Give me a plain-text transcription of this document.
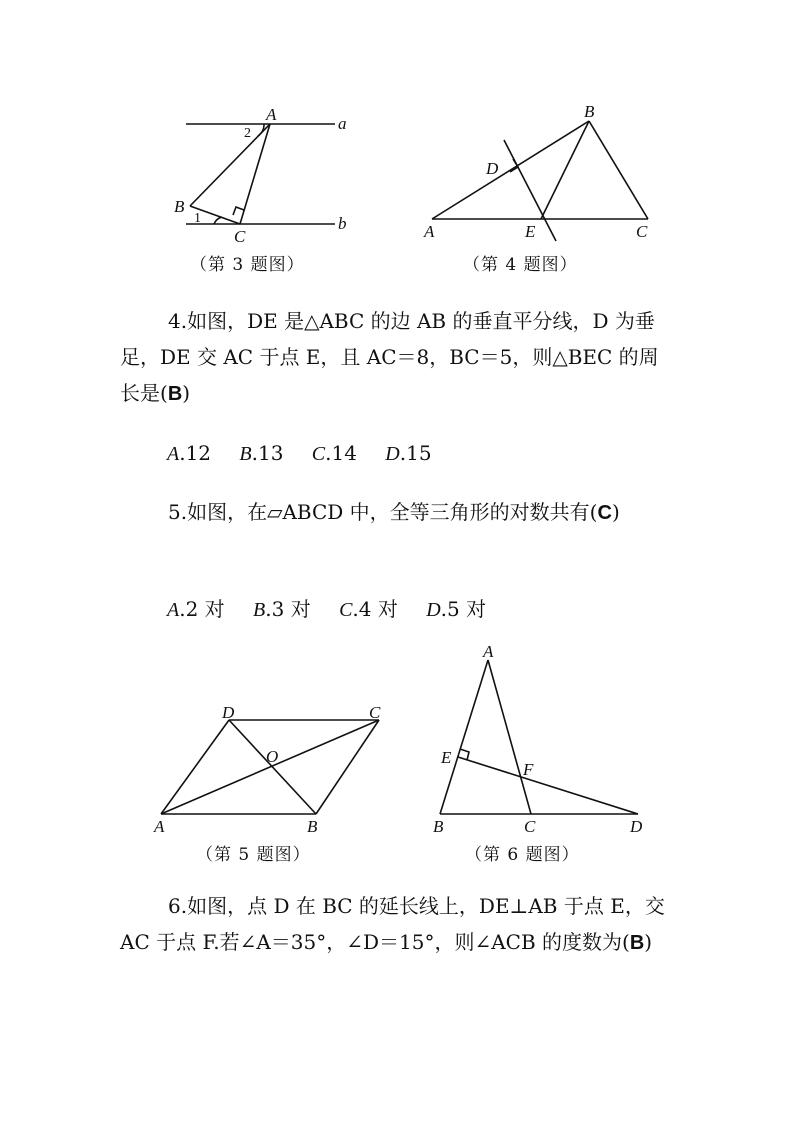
A	a
B
C
b
2
1
（第 3 题图）
B
D
A	E	C
（第 4 题图）

4.如图，DE 是△ABC 的边 AB 的垂直平分线，D 为垂足，DE 交 AC 于点 E，且 AC＝8，BC＝5，则△BEC 的周长是(B)

A.12 B.13 C.14 D.15

5.如图，在▱ABCD 中，全等三角形的对数共有(C)

A.2 对 B.3 对 C.4 对 D.5 对
D	C
O
A	B
（第 5 题图）
A
E
F
B	C	D
（第 6 题图）

6.如图，点 D 在 BC 的延长线上，DE⊥AB 于点 E，交 AC 于点 F.若∠A＝35°，∠D＝15°，则∠ACB 的度数为(B)
